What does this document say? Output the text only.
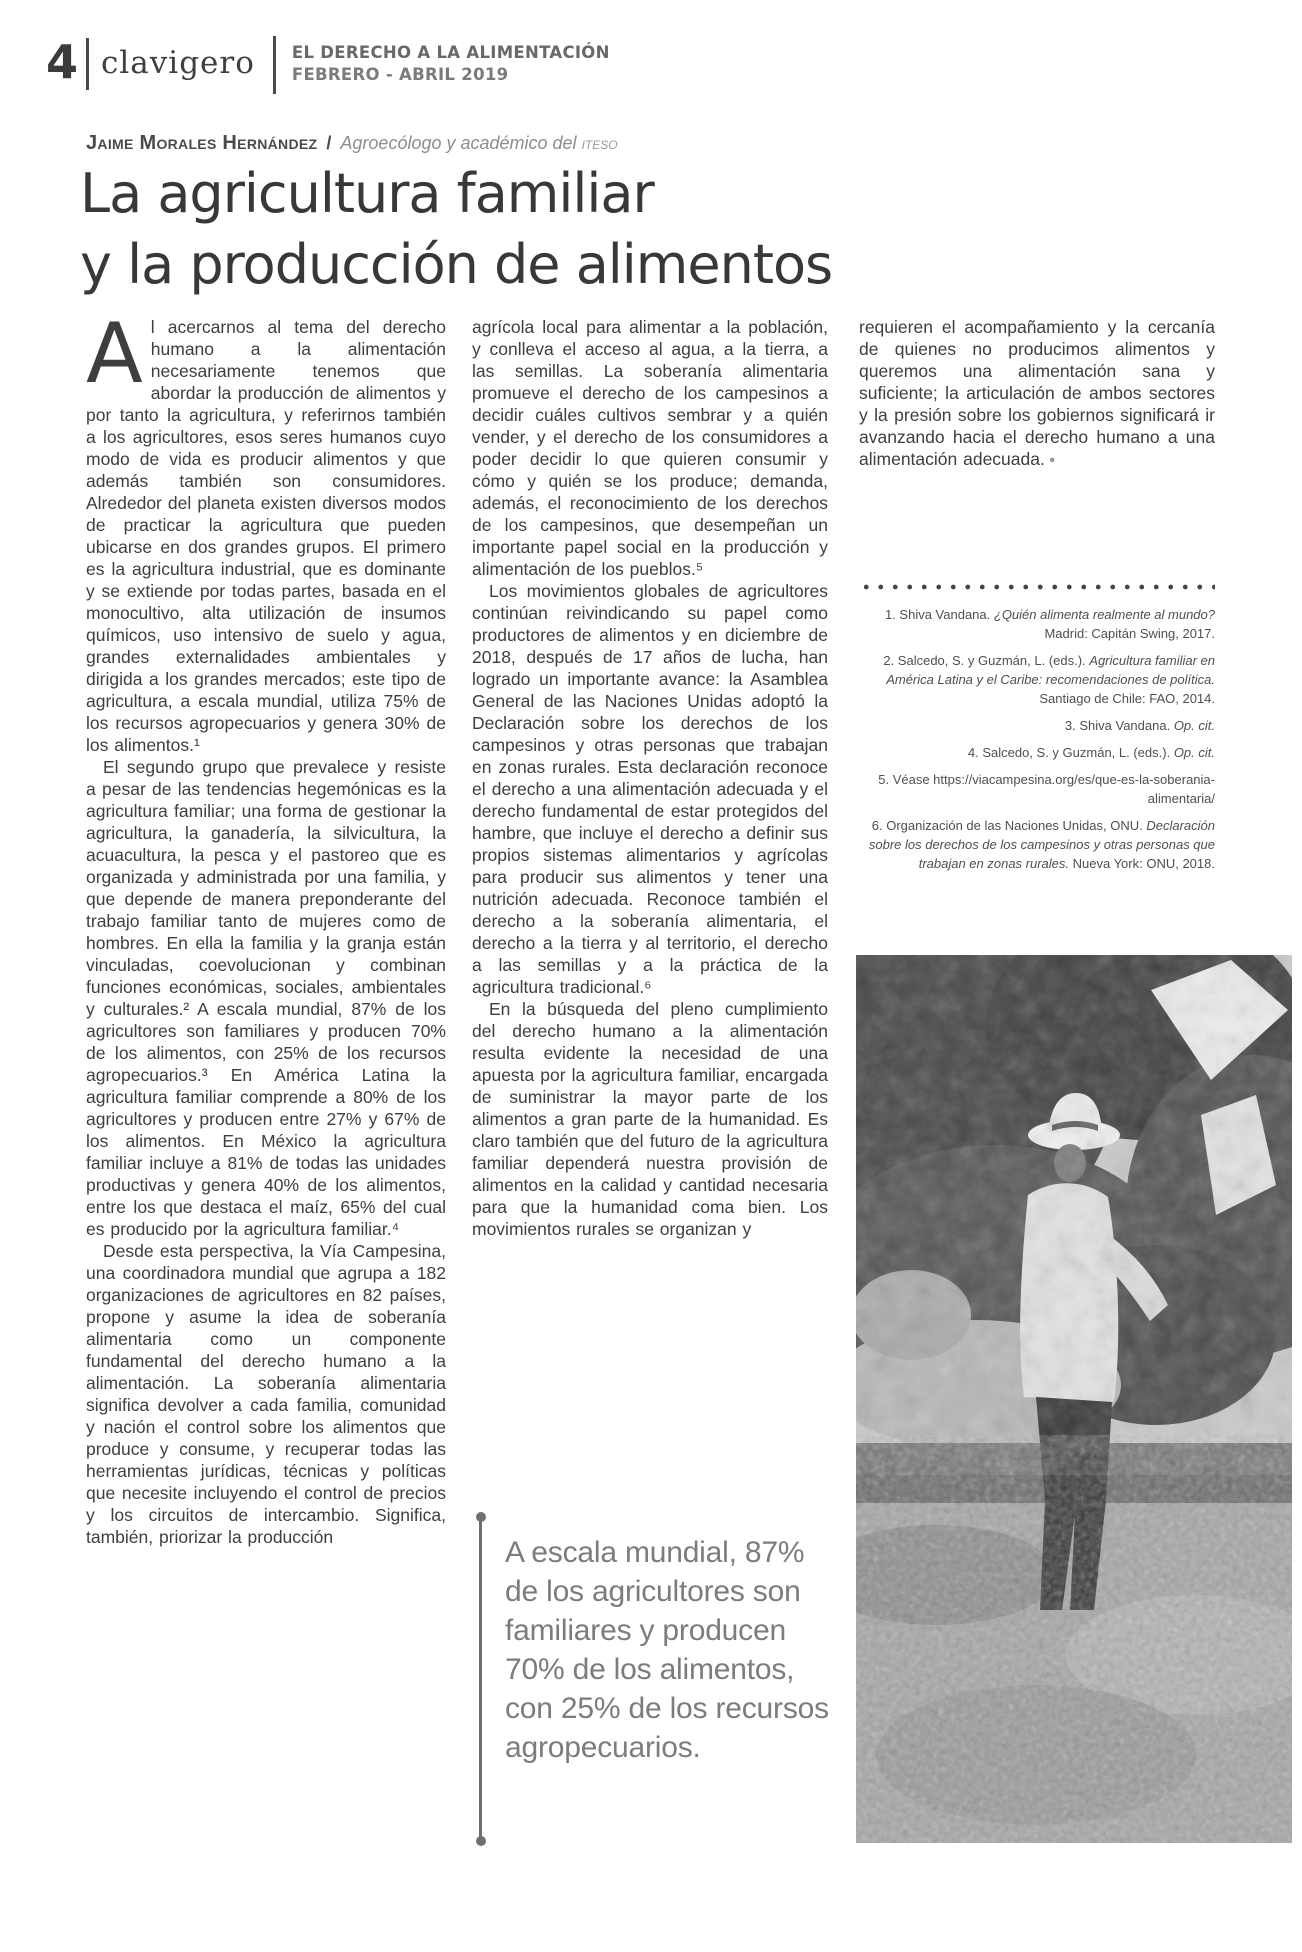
4 clavigero EL DERECHO A LA ALIMENTACIÓN
FEBRERO - ABRIL 2019
Jaime Morales Hernández / Agroecólogo y académico del iteso
La agricultura familiar
y la producción de alimentos

Al acercarnos al tema del derecho humano a la alimentación necesariamente tenemos que abordar la producción de alimentos y por tanto la agricultura, y referirnos también a los agricultores, esos seres humanos cuyo modo de vida es producir alimentos y que además también son consumidores. Alrededor del planeta existen diversos modos de practicar la agricultura que pueden ubicarse en dos grandes grupos. El primero es la agricultura industrial, que es dominante y se extiende por todas partes, basada en el monocultivo, alta utilización de insumos químicos, uso intensivo de suelo y agua, grandes externalidades ambientales y dirigida a los grandes mercados; este tipo de agricultura, a escala mundial, utiliza 75% de los recursos agropecuarios y genera 30% de los alimentos.¹

El segundo grupo que prevalece y resiste a pesar de las tendencias hegemónicas es la agricultura familiar; una forma de gestionar la agricultura, la ganadería, la silvicultura, la acuacultura, la pesca y el pastoreo que es organizada y administrada por una familia, y que depende de manera preponderante del trabajo familiar tanto de mujeres como de hombres. En ella la familia y la granja están vinculadas, coevolucionan y combinan funciones económicas, sociales, ambientales y culturales.² A escala mundial, 87% de los agricultores son familiares y producen 70% de los alimentos, con 25% de los recursos agropecuarios.³ En América Latina la agricultura familiar comprende a 80% de los agricultores y producen entre 27% y 67% de los alimentos. En México la agricultura familiar incluye a 81% de todas las unidades productivas y genera 40% de los alimentos, entre los que destaca el maíz, 65% del cual es producido por la agricultura familiar.⁴

Desde esta perspectiva, la Vía Campesina, una coordinadora mundial que agrupa a 182 organizaciones de agricultores en 82 países, propone y asume la idea de soberanía alimentaria como un componente fundamental del derecho humano a la alimentación. La soberanía alimentaria significa devolver a cada familia, comunidad y nación el control sobre los alimentos que produce y consume, y recuperar todas las herramientas jurídicas, técnicas y políticas que necesite incluyendo el control de precios y los circuitos de intercambio. Significa, también, priorizar la producción

agrícola local para alimentar a la población, y conlleva el acceso al agua, a la tierra, a las semillas. La soberanía alimentaria promueve el derecho de los campesinos a decidir cuáles cultivos sembrar y a quién vender, y el derecho de los consumidores a poder decidir lo que quieren consumir y cómo y quién se los produce; demanda, además, el reconocimiento de los derechos de los campesinos, que desempeñan un importante papel social en la producción y alimentación de los pueblos.⁵

Los movimientos globales de agricultores continúan reivindicando su papel como productores de alimentos y en diciembre de 2018, después de 17 años de lucha, han logrado un importante avance: la Asamblea General de las Naciones Unidas adoptó la Declaración sobre los derechos de los campesinos y otras personas que trabajan en zonas rurales. Esta declaración reconoce el derecho a una alimentación adecuada y el derecho fundamental de estar protegidos del hambre, que incluye el derecho a definir sus propios sistemas alimentarios y agrícolas para producir sus alimentos y tener una nutrición adecuada. Reconoce también el derecho a la soberanía alimentaria, el derecho a la tierra y al territorio, el derecho a las semillas y a la práctica de la agricultura tradicional.⁶

En la búsqueda del pleno cumplimiento del derecho humano a la alimentación resulta evidente la necesidad de una apuesta por la agricultura familiar, encargada de suministrar la mayor parte de los alimentos a gran parte de la humanidad. Es claro también que del futuro de la agricultura familiar dependerá nuestra provisión de alimentos en la calidad y cantidad necesaria para que la humanidad coma bien. Los movimientos rurales se organizan y

requieren el acompañamiento y la cercanía de quienes no producimos alimentos y queremos una alimentación sana y suficiente; la articulación de ambos sectores y la presión sobre los gobiernos significará ir avanzando hacia el derecho humano a una alimentación adecuada. ●

1. Shiva Vandana. ¿Quién alimenta realmente al mundo? Madrid: Capitán Swing, 2017.
2. Salcedo, S. y Guzmán, L. (eds.). Agricultura familiar en América Latina y el Caribe: recomendaciones de política. Santiago de Chile: FAO, 2014.
3. Shiva Vandana. Op. cit.
4. Salcedo, S. y Guzmán, L. (eds.). Op. cit.
5. Véase https://viacampesina.org/es/que-es-la-soberania-alimentaria/
6. Organización de las Naciones Unidas, ONU. Declaración sobre los derechos de los campesinos y otras personas que trabajan en zonas rurales. Nueva York: ONU, 2018.
A escala mundial, 87% de los agricultores son familiares y producen 70% de los alimentos, con 25% de los recursos agropecuarios.
